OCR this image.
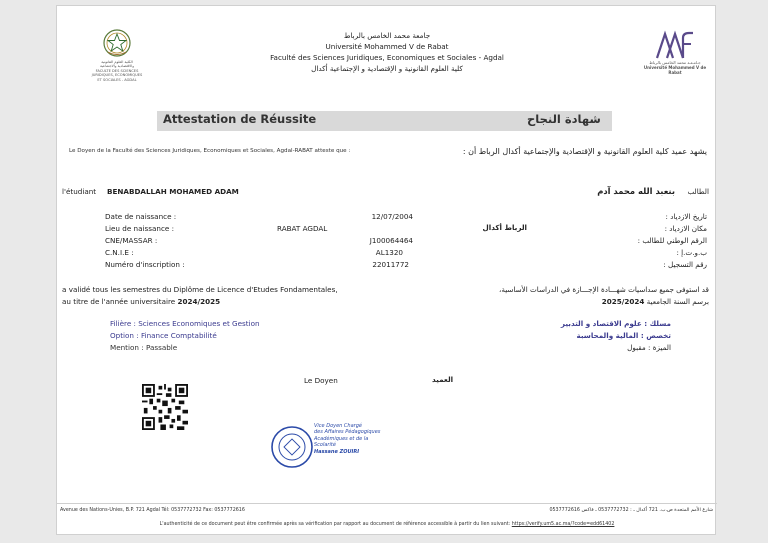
الكلية العلوم القانونية
والاقتصادية والاجتماعية
FACULTE DES SCIENCES
JURIDIQUES, ECONOMIQUES
ET SOCIALES - AGDAL
جامعة محمد الخامس بالرباط
Université Mohammed V de Rabat
Faculté des Sciences Juridiques, Economiques et Sociales - Agdal
كلية العلوم القانونية و الإقتصادية و الإجتماعية أكدال
جـامـعـة محمد الخامس بالرباط
Université Mohammed V de Rabat
Attestation de Réussite	شهادة النجاح
Le Doyen de la Faculté des Sciences Juridiques, Economiques et Sociales, Agdal-RABAT atteste que :	يشهد عميد كلية العلوم القانونية و الإقتصادية والإجتماعية أكدال الرباط أن :
l'étudiant BENABDALLAH MOHAMED ADAM	بنعبد الله محمد آدم	الطالب
Date de naissance :	12/07/2004	تاريخ الازدياد :
Lieu de naissance :	RABAT AGDAL	الرباط أكدال	مكان الازدياد :
CNE/MASSAR :	J100064464	الرقم الوطني للطالب :
C.N.I.E :	AL1320	ب.و.ت.إ :
Numéro d'inscription :	22011772	رقم التسجيل :
a validé tous les semestres du Diplôme de Licence d'Etudes Fondamentales,
au titre de l'année universitaire 2024/2025
قد استوفى جميع سداسيات شهـــادة الإجـــازة في الدراسات الأساسية،
برسم السنة الجامعية 2025/2024
Filière : Sciences Economiques et Gestion
Option : Finance Comptabilité
Mention : Passable
مسلك : علوم الاقتصاد و التدبير
تخصص : المالية والمحاسبة
الميزة : مقبول
Le Doyen	العميد
Vice Doyen Chargé
des Affaires Pédagogiques
Académiques et de la
Scolarité
Hassane ZOUIRI
Avenue des Nations-Unies, B.P. 721 Agdal Tél: 0537772732 Fax: 0537772616	شارع الأمم المتحدة ص.ب. 721 أكدال ـ : 0537772732 ـ فاكس 0537772616
L'authenticité de ce document peut être confirmée après sa vérification par rapport au document de référence accessible à partir du lien suivant: https://verify.um5.ac.ma/?code=edd61402
